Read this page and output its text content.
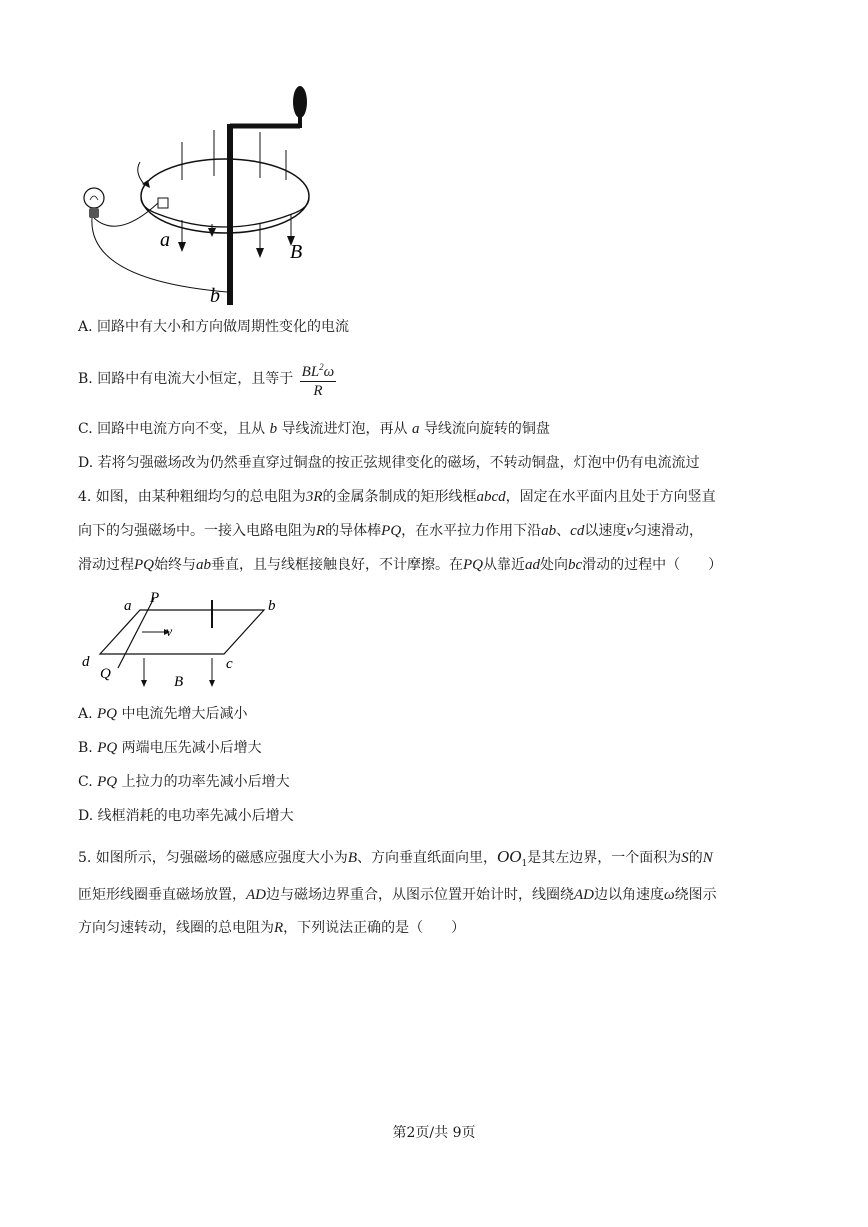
a
b
B
A. 回路中有大小和方向做周期性变化的电流
B. 回路中有电流大小恒定，且等于 $\frac{BL^2\omega}{R}$
C. 回路中电流方向不变，且从 b 导线流进灯泡，再从 a 导线流向旋转的铜盘
D. 若将匀强磁场改为仍然垂直穿过铜盘的按正弦规律变化的磁场，不转动铜盘，灯泡中仍有电流流过
4. 如图，由某种粗细均匀的总电阻为3R的金属条制成的矩形线框abcd，固定在水平面内且处于方向竖直
向下的匀强磁场中。一接入电路电阻为R的导体棒PQ，在水平拉力作用下沿ab、cd以速度v匀速滑动，
滑动过程PQ始终与ab垂直，且与线框接触良好，不计摩擦。在PQ从靠近ad处向bc滑动的过程中（　　）
a	b
c
d
P
Q
v
B
A. PQ 中电流先增大后减小
B. PQ 两端电压先减小后增大
C. PQ 上拉力的功率先减小后增大
D. 线框消耗的电功率先减小后增大
5. 如图所示，匀强磁场的磁感应强度大小为B、方向垂直纸面向里，$OO_1$是其左边界，一个面积为S的N
匝矩形线圈垂直磁场放置，AD边与磁场边界重合，从图示位置开始计时，线圈绕AD边以角速度ω绕图示
方向匀速转动，线圈的总电阻为R，下列说法正确的是（　　）
第2页/共 9页
